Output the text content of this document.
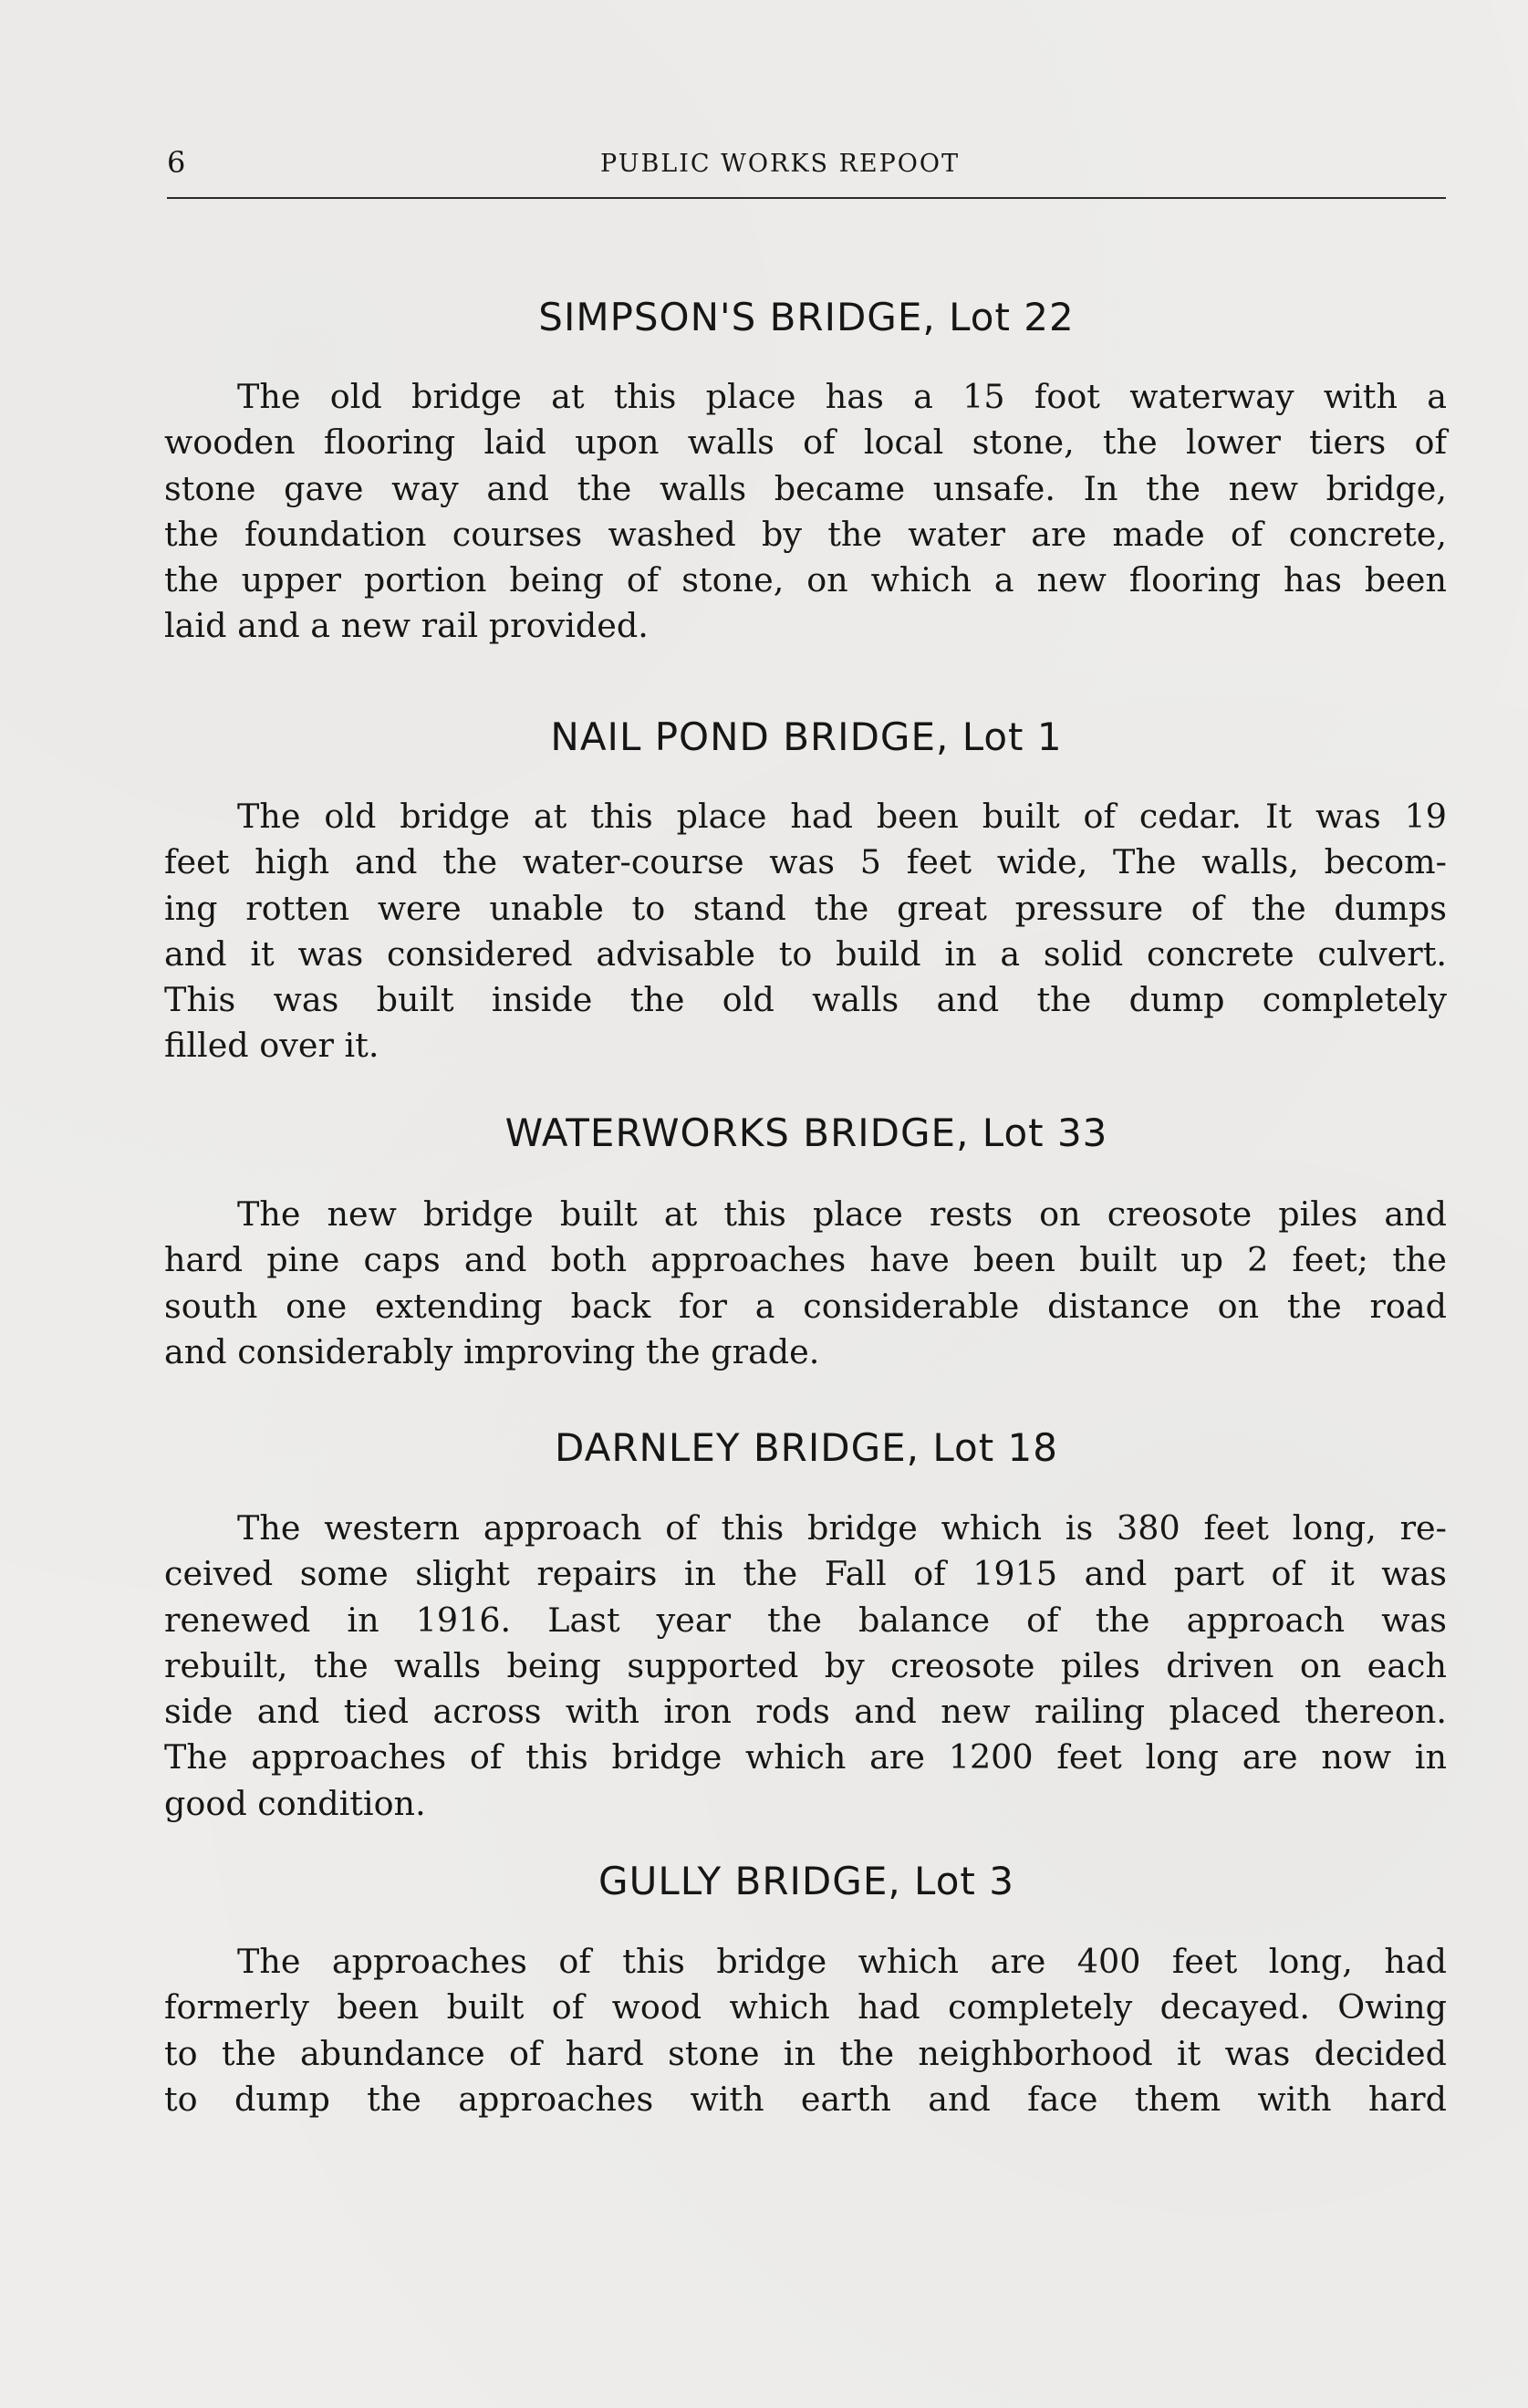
6	PUBLIC WORKS REPOOT
SIMPSON'S BRIDGE, Lot 22
The old bridge at this place has a 15 foot waterway with a
wooden flooring laid upon walls of local stone, the lower tiers of
stone gave way and the walls became unsafe. In the new bridge,
the foundation courses washed by the water are made of concrete,
the upper portion being of stone, on which a new flooring has been
laid and a new rail provided.
NAIL POND BRIDGE, Lot 1
The old bridge at this place had been built of cedar. It was 19
feet high and the water-course was 5 feet wide, The walls, becom-
ing rotten were unable to stand the great pressure of the dumps
and it was considered advisable to build in a solid concrete culvert.
This was built inside the old walls and the dump completely
filled over it.
WATERWORKS BRIDGE, Lot 33
The new bridge built at this place rests on creosote piles and
hard pine caps and both approaches have been built up 2 feet; the
south one extending back for a considerable distance on the road
and considerably improving the grade.
DARNLEY BRIDGE, Lot 18
The western approach of this bridge which is 380 feet long, re-
ceived some slight repairs in the Fall of 1915 and part of it was
renewed in 1916. Last year the balance of the approach was
rebuilt, the walls being supported by creosote piles driven on each
side and tied across with iron rods and new railing placed thereon.
The approaches of this bridge which are 1200 feet long are now in
good condition.
GULLY BRIDGE, Lot 3
The approaches of this bridge which are 400 feet long, had
formerly been built of wood which had completely decayed. Owing
to the abundance of hard stone in the neighborhood it was decided
to dump the approaches with earth and face them with hard
